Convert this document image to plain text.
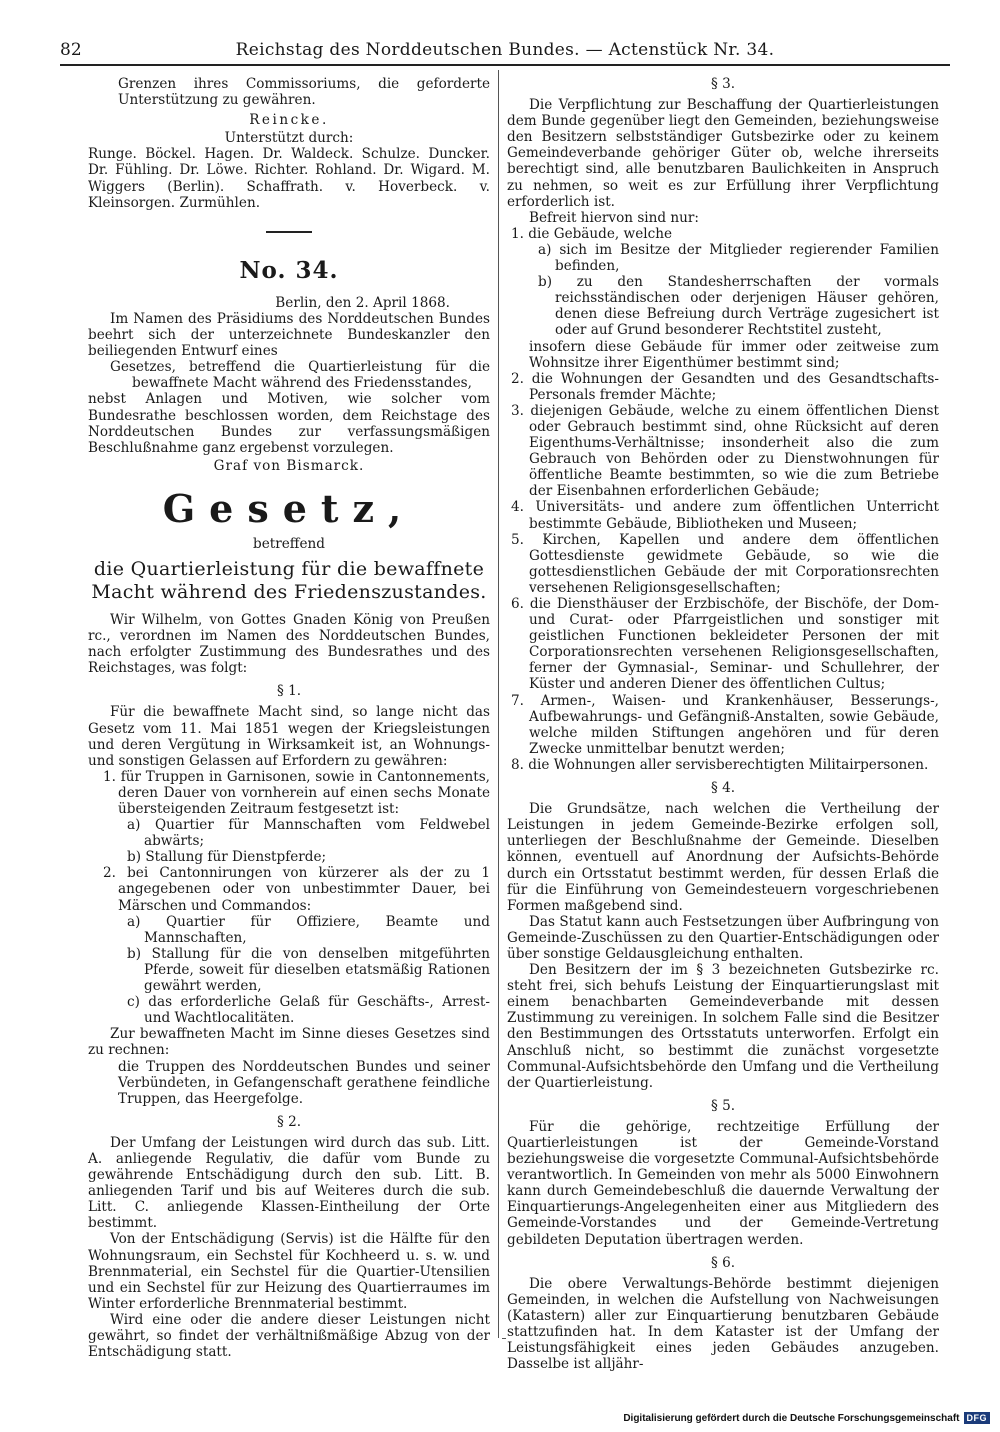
82	Reichstag des Norddeutschen Bundes. — Actenstück Nr. 34.

Grenzen ihres Commissoriums, die geforderte Unterstützung zu gewähren.

Reincke.

Unterstützt durch:

Runge. Böckel. Hagen. Dr. Waldeck. Schulze. Duncker. Dr. Fühling. Dr. Löwe. Richter. Rohland. Dr. Wigard. M. Wiggers (Berlin). Schaffrath. v. Hoverbeck. v. Kleinsorgen. Zurmühlen.

No. 34.

Berlin, den 2. April 1868.

Im Namen des Präsidiums des Norddeutschen Bundes beehrt sich der unterzeichnete Bundeskanzler den beiliegenden Entwurf eines

Gesetzes, betreffend die Quartierleistung für die bewaffnete Macht während des Friedensstandes,

nebst Anlagen und Motiven, wie solcher vom Bundesrathe beschlossen worden, dem Reichstage des Norddeutschen Bundes zur verfassungsmäßigen Beschlußnahme ganz ergebenst vorzulegen.

Graf von Bismarck.

Gesetz,

betreffend

die Quartierleistung für die bewaffnete Macht während des Friedenszustandes.

Wir Wilhelm, von Gottes Gnaden König von Preußen rc., verordnen im Namen des Norddeutschen Bundes, nach erfolgter Zustimmung des Bundesrathes und des Reichstages, was folgt:

§ 1.

Für die bewaffnete Macht sind, so lange nicht das Gesetz vom 11. Mai 1851 wegen der Kriegsleistungen und deren Vergütung in Wirksamkeit ist, an Wohnungs- und sonstigen Gelassen auf Erfordern zu gewähren:

1. für Truppen in Garnisonen, sowie in Cantonnements, deren Dauer von vornherein auf einen sechs Monate übersteigenden Zeitraum festgesetzt ist:

a) Quartier für Mannschaften vom Feldwebel abwärts;

b) Stallung für Dienstpferde;

2. bei Cantonnirungen von kürzerer als der zu 1 angegebenen oder von unbestimmter Dauer, bei Märschen und Commandos:

a) Quartier für Offiziere, Beamte und Mannschaften,

b) Stallung für die von denselben mitgeführten Pferde, soweit für dieselben etatsmäßig Rationen gewährt werden,

c) das erforderliche Gelaß für Geschäfts-, Arrest- und Wachtlocalitäten.

Zur bewaffneten Macht im Sinne dieses Gesetzes sind zu rechnen:

die Truppen des Norddeutschen Bundes und seiner Verbündeten, in Gefangenschaft gerathene feindliche Truppen, das Heergefolge.

§ 2.

Der Umfang der Leistungen wird durch das sub. Litt. A. anliegende Regulativ, die dafür vom Bunde zu gewährende Entschädigung durch den sub. Litt. B. anliegenden Tarif und bis auf Weiteres durch die sub. Litt. C. anliegende Klassen-Eintheilung der Orte bestimmt.

Von der Entschädigung (Servis) ist die Hälfte für den Wohnungsraum, ein Sechstel für Kochheerd u. s. w. und Brennmaterial, ein Sechstel für die Quartier-Utensilien und ein Sechstel für zur Heizung des Quartierraumes im Winter erforderliche Brennmaterial bestimmt.

Wird eine oder die andere dieser Leistungen nicht gewährt, so findet der verhältnißmäßige Abzug von der Entschädigung statt.

§ 3.

Die Verpflichtung zur Beschaffung der Quartierleistungen dem Bunde gegenüber liegt den Gemeinden, beziehungsweise den Besitzern selbstständiger Gutsbezirke oder zu keinem Gemeindeverbande gehöriger Güter ob, welche ihrerseits berechtigt sind, alle benutzbaren Baulichkeiten in Anspruch zu nehmen, so weit es zur Erfüllung ihrer Verpflichtung erforderlich ist.

Befreit hiervon sind nur:

1. die Gebäude, welche

a) sich im Besitze der Mitglieder regierender Familien befinden,

b) zu den Standesherrschaften der vormals reichsständischen oder derjenigen Häuser gehören, denen diese Befreiung durch Verträge zugesichert ist oder auf Grund besonderer Rechtstitel zusteht,

insofern diese Gebäude für immer oder zeitweise zum Wohnsitze ihrer Eigenthümer bestimmt sind;

2. die Wohnungen der Gesandten und des Gesandtschafts-Personals fremder Mächte;

3. diejenigen Gebäude, welche zu einem öffentlichen Dienst oder Gebrauch bestimmt sind, ohne Rücksicht auf deren Eigenthums-Verhältnisse; insonderheit also die zum Gebrauch von Behörden oder zu Dienstwohnungen für öffentliche Beamte bestimmten, so wie die zum Betriebe der Eisenbahnen erforderlichen Gebäude;

4. Universitäts- und andere zum öffentlichen Unterricht bestimmte Gebäude, Bibliotheken und Museen;

5. Kirchen, Kapellen und andere dem öffentlichen Gottesdienste gewidmete Gebäude, so wie die gottesdienstlichen Gebäude der mit Corporationsrechten versehenen Religionsgesellschaften;

6. die Diensthäuser der Erzbischöfe, der Bischöfe, der Dom- und Curat- oder Pfarrgeistlichen und sonstiger mit geistlichen Functionen bekleideter Personen der mit Corporationsrechten versehenen Religionsgesellschaften, ferner der Gymnasial-, Seminar- und Schullehrer, der Küster und anderen Diener des öffentlichen Cultus;

7. Armen-, Waisen- und Krankenhäuser, Besserungs-, Aufbewahrungs- und Gefängniß-Anstalten, sowie Gebäude, welche milden Stiftungen angehören und für deren Zwecke unmittelbar benutzt werden;

8. die Wohnungen aller servisberechtigten Militairpersonen.

§ 4.

Die Grundsätze, nach welchen die Vertheilung der Leistungen in jedem Gemeinde-Bezirke erfolgen soll, unterliegen der Beschlußnahme der Gemeinde. Dieselben können, eventuell auf Anordnung der Aufsichts-Behörde durch ein Ortsstatut bestimmt werden, für dessen Erlaß die für die Einführung von Gemeindesteuern vorgeschriebenen Formen maßgebend sind.

Das Statut kann auch Festsetzungen über Aufbringung von Gemeinde-Zuschüssen zu den Quartier-Entschädigungen oder über sonstige Geldausgleichung enthalten.

Den Besitzern der im § 3 bezeichneten Gutsbezirke rc. steht frei, sich behufs Leistung der Einquartierungslast mit einem benachbarten Gemeindeverbande mit dessen Zustimmung zu vereinigen. In solchem Falle sind die Besitzer den Bestimmungen des Ortsstatuts unterworfen. Erfolgt ein Anschluß nicht, so bestimmt die zunächst vorgesetzte Communal-Aufsichtsbehörde den Umfang und die Vertheilung der Quartierleistung.

§ 5.

Für die gehörige, rechtzeitige Erfüllung der Quartierleistungen ist der Gemeinde-Vorstand beziehungsweise die vorgesetzte Communal-Aufsichtsbehörde verantwortlich. In Gemeinden von mehr als 5000 Einwohnern kann durch Gemeindebeschluß die dauernde Verwaltung der Einquartierungs-Angelegenheiten einer aus Mitgliedern des Gemeinde-Vorstandes und der Gemeinde-Vertretung gebildeten Deputation übertragen werden.

§ 6.

Die obere Verwaltungs-Behörde bestimmt diejenigen Gemeinden, in welchen die Aufstellung von Nachweisungen (Katastern) aller zur Einquartierung benutzbaren Gebäude stattzufinden hat. In dem Kataster ist der Umfang der Leistungsfähigkeit eines jeden Gebäudes anzugeben. Dasselbe ist alljähr-

Digitalisierung gefördert durch die Deutsche Forschungsgemeinschaft DFG
